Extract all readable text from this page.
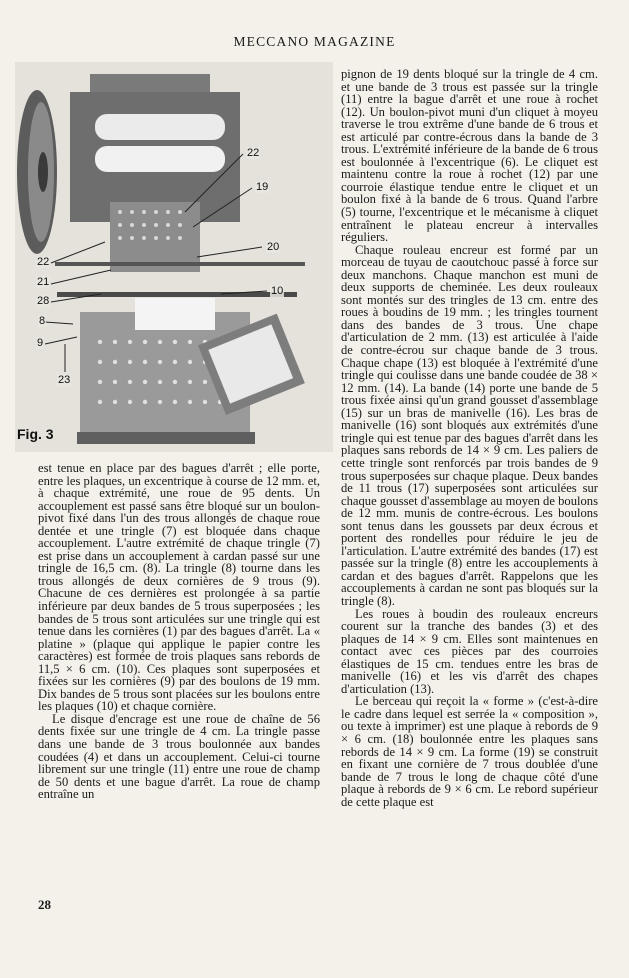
MECCANO MAGAZINE
22
19
20
10
22
21
28
8
9
23
Fig. 3

est tenue en place par des bagues d'arrêt ; elle porte, entre les plaques, un excentrique à course de 12 mm. et, à chaque extrémité, une roue de 95 dents. Un accouplement est passé sans être bloqué sur un boulon-pivot fixé dans l'un des trous allongés de chaque roue dentée et une tringle (7) est bloquée dans chaque accouplement. L'autre extrémité de chaque tringle (7) est prise dans un accouplement à cardan passé sur une tringle de 16,5 cm. (8). La tringle (8) tourne dans les trous allongés de deux cornières de 9 trous (9). Chacune de ces dernières est prolongée à sa partie inférieure par deux bandes de 5 trous superposées ; les bandes de 5 trous sont articulées sur une tringle qui est tenue dans les cornières (1) par des bagues d'arrêt. La « platine » (plaque qui applique le papier contre les caractères) est formée de trois plaques sans rebords de 11,5 × 6 cm. (10). Ces plaques sont superposées et fixées sur les cornières (9) par des boulons de 19 mm. Dix bandes de 5 trous sont placées sur les boulons entre les plaques (10) et chaque cornière.

Le disque d'encrage est une roue de chaîne de 56 dents fixée sur une tringle de 4 cm. La tringle passe dans une bande de 3 trous boulonnée aux bandes coudées (4) et dans un accouplement. Celui-ci tourne librement sur une tringle (11) entre une roue de champ de 50 dents et une bague d'arrêt. La roue de champ entraîne un

pignon de 19 dents bloqué sur la tringle de 4 cm. et une bande de 3 trous est passée sur la tringle (11) entre la bague d'arrêt et une roue à rochet (12). Un boulon-pivot muni d'un cliquet à moyeu traverse le trou extrême d'une bande de 6 trous et est articulé par contre-écrous dans la bande de 3 trous. L'extrémité inférieure de la bande de 6 trous est boulonnée à l'excentrique (6). Le cliquet est maintenu contre la roue à rochet (12) par une courroie élastique tendue entre le cliquet et un boulon fixé à la bande de 6 trous. Quand l'arbre (5) tourne, l'excentrique et le mécanisme à cliquet entraînent le plateau encreur à intervalles réguliers.

Chaque rouleau encreur est formé par un morceau de tuyau de caoutchouc passé à force sur deux manchons. Chaque manchon est muni de deux supports de cheminée. Les deux rouleaux sont montés sur des tringles de 13 cm. entre des roues à boudins de 19 mm. ; les tringles tournent dans des bandes de 3 trous. Une chape d'articulation de 2 mm. (13) est articulée à l'aide de contre-écrou sur chaque bande de 3 trous. Chaque chape (13) est bloquée à l'extrémité d'une tringle qui coulisse dans une bande coudée de 38 × 12 mm. (14). La bande (14) porte une bande de 5 trous fixée ainsi qu'un grand gousset d'assemblage (15) sur un bras de manivelle (16). Les bras de manivelle (16) sont bloqués aux extrémités d'une tringle qui est tenue par des bagues d'arrêt dans les plaques sans rebords de 14 × 9 cm. Les paliers de cette tringle sont renforcés par trois bandes de 9 trous superposées sur chaque plaque. Deux bandes de 11 trous (17) superposées sont articulées sur chaque gousset d'assemblage au moyen de boulons de 12 mm. munis de contre-écrous. Les boulons sont tenus dans les goussets par deux écrous et portent des rondelles pour réduire le jeu de l'articulation. L'autre extrémité des bandes (17) est passée sur la tringle (8) entre les accouplements à cardan et des bagues d'arrêt. Rappelons que les accouplements à cardan ne sont pas bloqués sur la tringle (8).

Les roues à boudin des rouleaux encreurs courent sur la tranche des bandes (3) et des plaques de 14 × 9 cm. Elles sont maintenues en contact avec ces pièces par des courroies élastiques de 15 cm. tendues entre les bras de manivelle (16) et les vis d'arrêt des chapes d'articulation (13).

Le berceau qui reçoit la « forme » (c'est-à-dire le cadre dans lequel est serrée la « composition », ou texte à imprimer) est une plaque à rebords de 9 × 6 cm. (18) boulonnée entre les plaques sans rebords de 14 × 9 cm. La forme (19) se construit en fixant une cornière de 7 trous doublée d'une bande de 7 trous le long de chaque côté d'une plaque à rebords de 9 × 6 cm. Le rebord supérieur de cette plaque est

28
